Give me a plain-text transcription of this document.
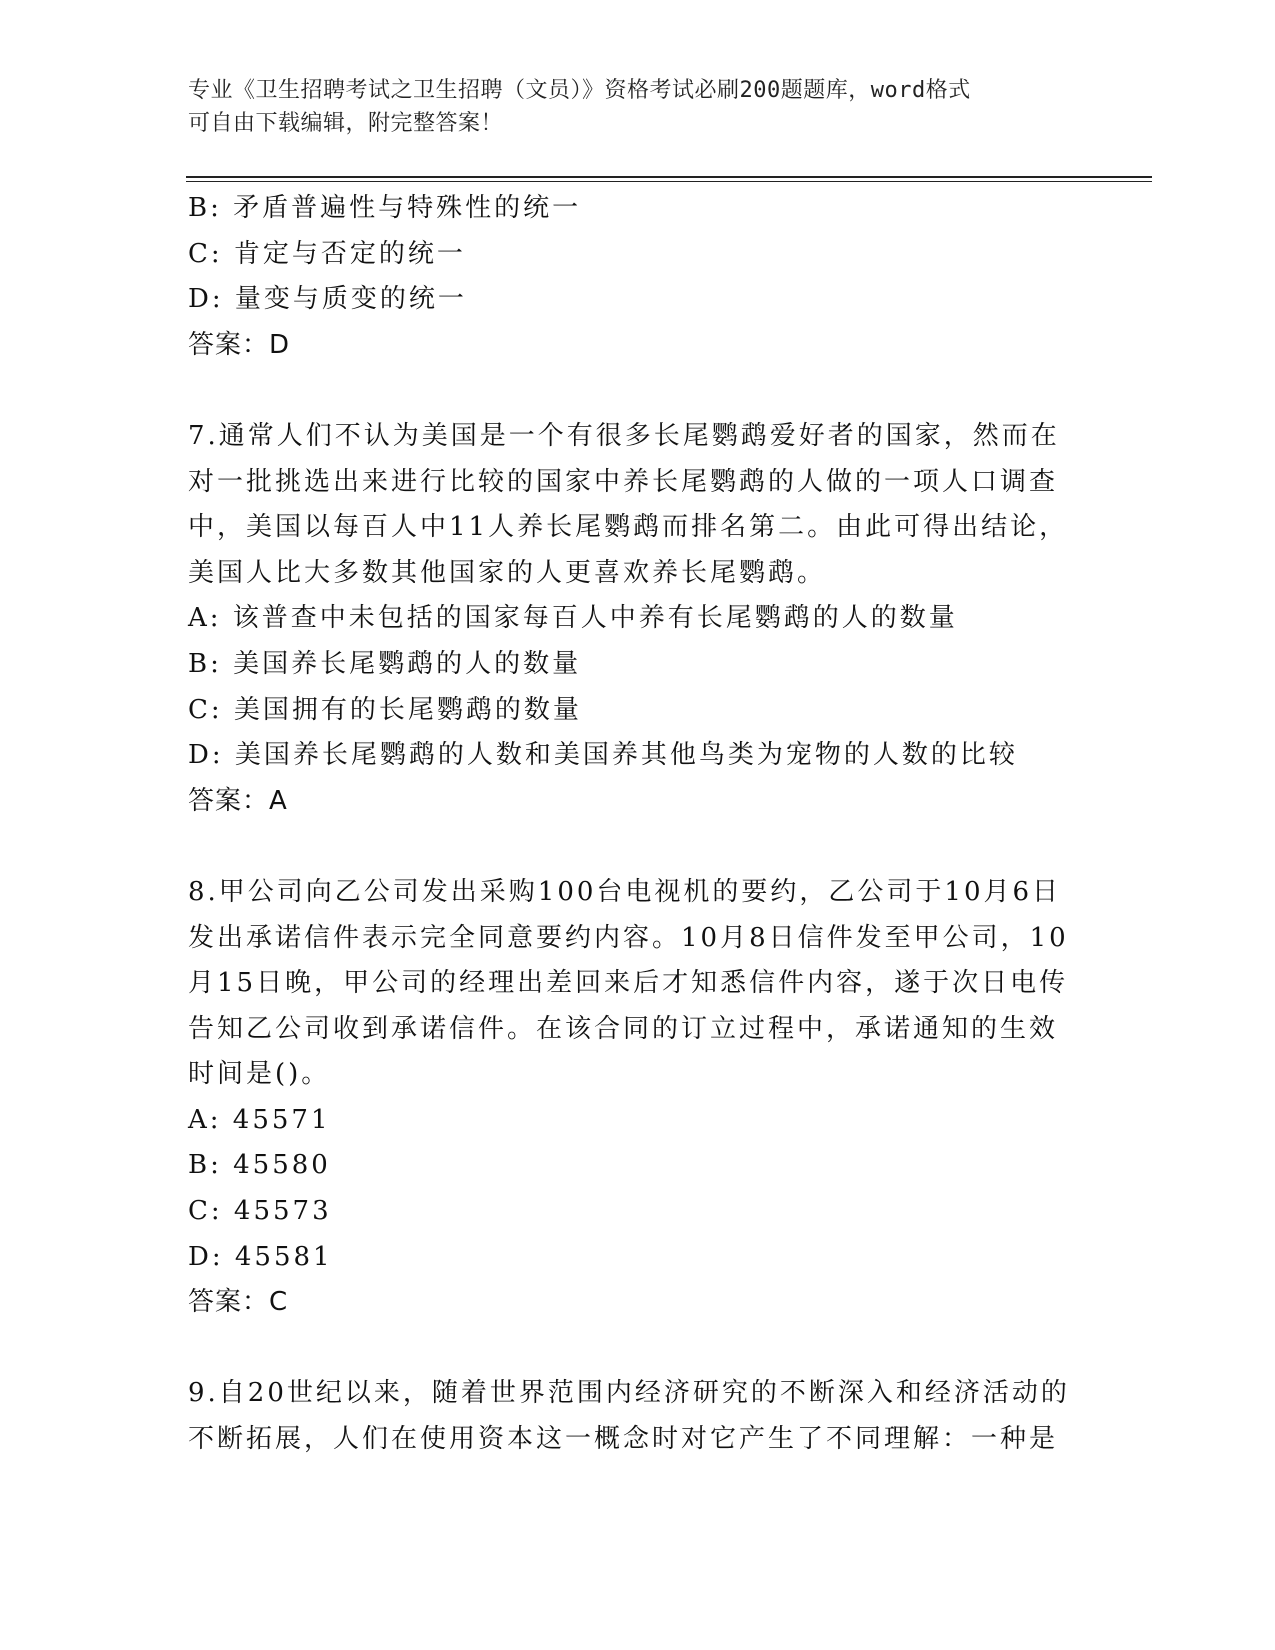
专业《卫生招聘考试之卫生招聘（文员）》资格考试必刷200题题库，word格式
可自由下载编辑，附完整答案！
B: 矛盾普遍性与特殊性的统一
C: 肯定与否定的统一
D: 量变与质变的统一
答案：D
7.通常人们不认为美国是一个有很多长尾鹦鹉爱好者的国家，然而在
对一批挑选出来进行比较的国家中养长尾鹦鹉的人做的一项人口调查
中，美国以每百人中11人养长尾鹦鹉而排名第二。由此可得出结论，
美国人比大多数其他国家的人更喜欢养长尾鹦鹉。
A: 该普查中未包括的国家每百人中养有长尾鹦鹉的人的数量
B: 美国养长尾鹦鹉的人的数量
C: 美国拥有的长尾鹦鹉的数量
D: 美国养长尾鹦鹉的人数和美国养其他鸟类为宠物的人数的比较
答案：A
8.甲公司向乙公司发出采购100台电视机的要约，乙公司于10月6日
发出承诺信件表示完全同意要约内容。10月8日信件发至甲公司，10
月15日晚，甲公司的经理出差回来后才知悉信件内容，遂于次日电传
告知乙公司收到承诺信件。在该合同的订立过程中，承诺通知的生效
时间是()。
A: 45571
B: 45580
C: 45573
D: 45581
答案：C
9.自20世纪以来，随着世界范围内经济研究的不断深入和经济活动的
不断拓展，人们在使用资本这一概念时对它产生了不同理解：一种是
